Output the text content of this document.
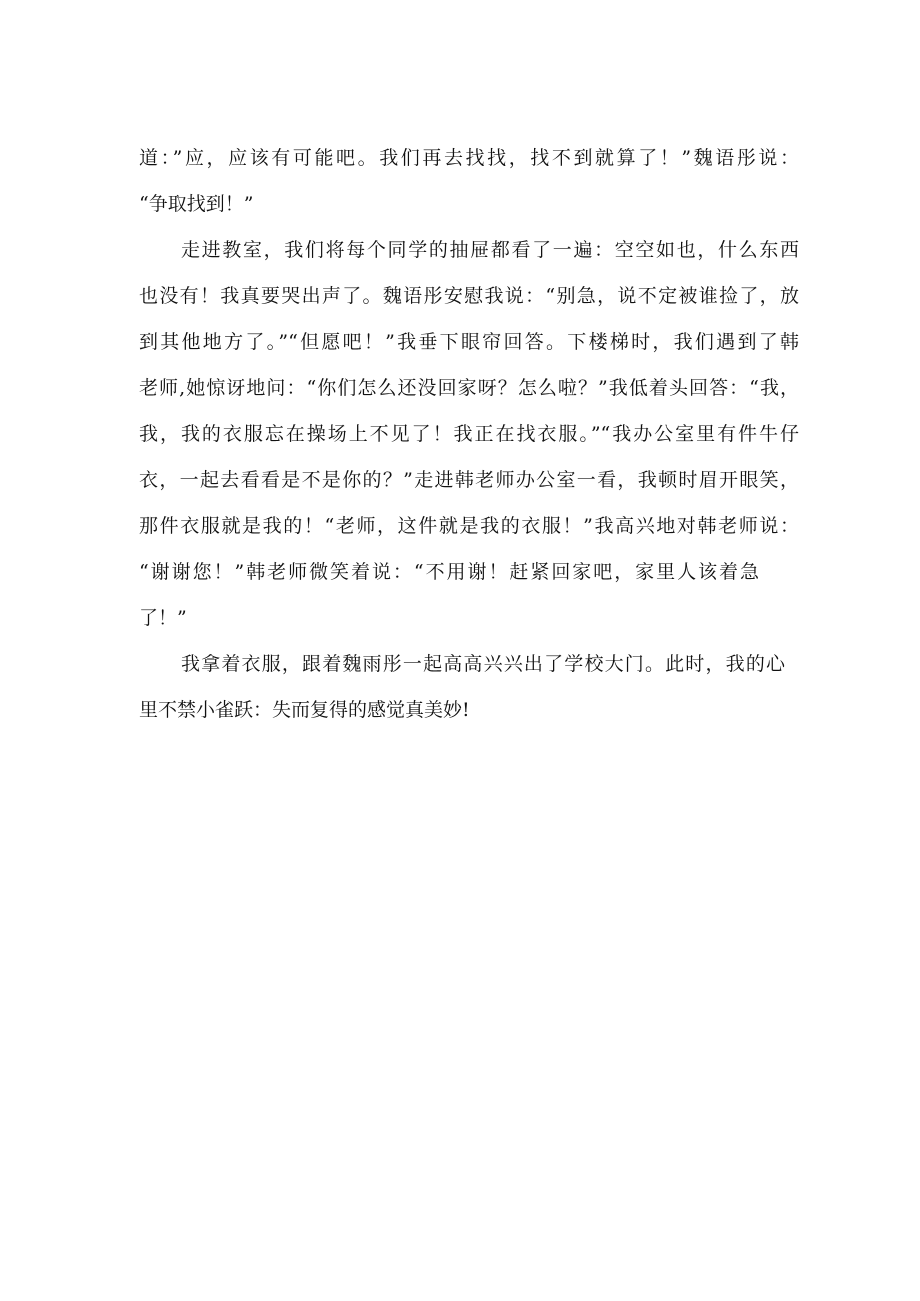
道：”应，应该有可能吧。我们再去找找，找不到就算了！”魏语彤说：
“争取找到！”
走进教室，我们将每个同学的抽屉都看了一遍：空空如也，什么东西
也没有！我真要哭出声了。魏语彤安慰我说：“别急，说不定被谁捡了，放
到其他地方了。”“但愿吧！”我垂下眼帘回答。下楼梯时，我们遇到了韩
老师,她惊讶地问：“你们怎么还没回家呀？怎么啦？”我低着头回答：“我，
我，我的衣服忘在操场上不见了！我正在找衣服。”“我办公室里有件牛仔
衣，一起去看看是不是你的？”走进韩老师办公室一看，我顿时眉开眼笑，
那件衣服就是我的！“老师，这件就是我的衣服！”我高兴地对韩老师说：
“谢谢您！”韩老师微笑着说：“不用谢！赶紧回家吧，家里人该着急
了！”
我拿着衣服，跟着魏雨彤一起高高兴兴出了学校大门。此时，我的心
里不禁小雀跃：失而复得的感觉真美妙!
